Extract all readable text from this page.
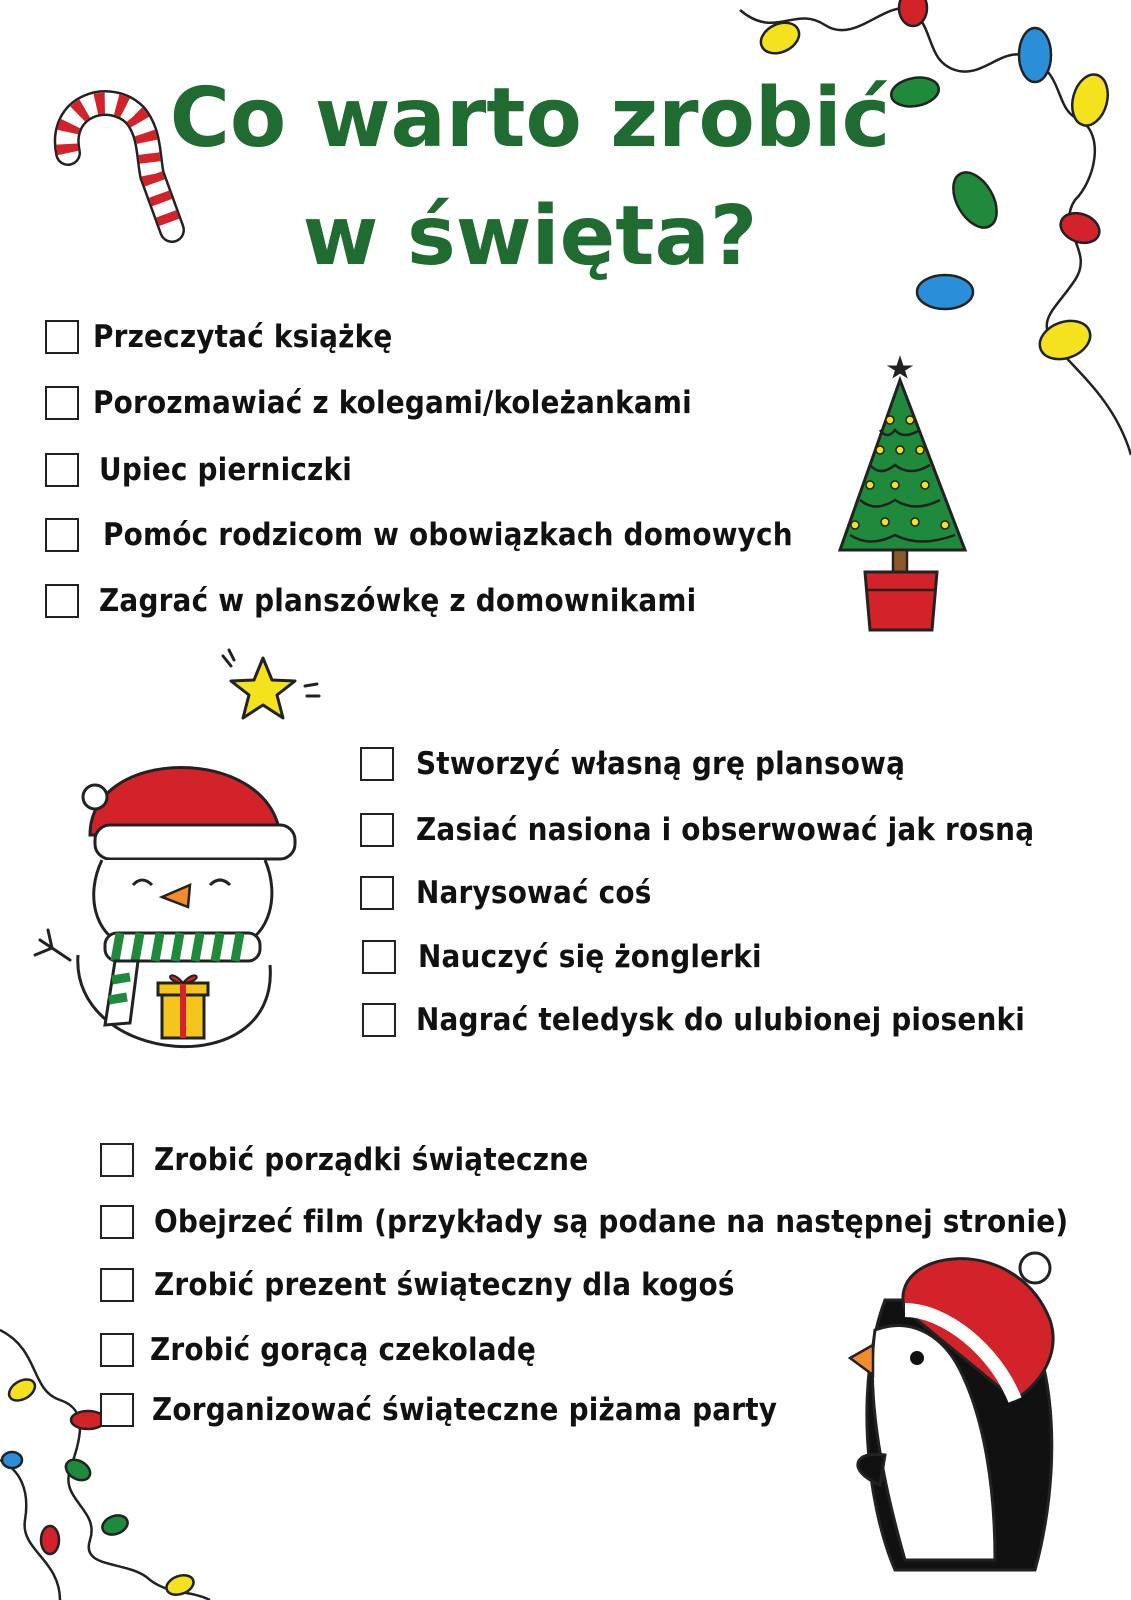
Co warto zrobić
w święta?
Przeczytać książkę
Porozmawiać z kolegami/koleżankami
Upiec pierniczki
Pomóc rodzicom w obowiązkach domowych
Zagrać w planszówkę z domownikami
Stworzyć własną grę plansową
Zasiać nasiona i obserwować jak rosną
Narysować coś
Nauczyć się żonglerki
Nagrać teledysk do ulubionej piosenki
Zrobić porządki świąteczne
Obejrzeć film (przykłady są podane na następnej stronie)
Zrobić prezent świąteczny dla kogoś
Zrobić gorącą czekoladę
Zorganizować świąteczne piżama party
